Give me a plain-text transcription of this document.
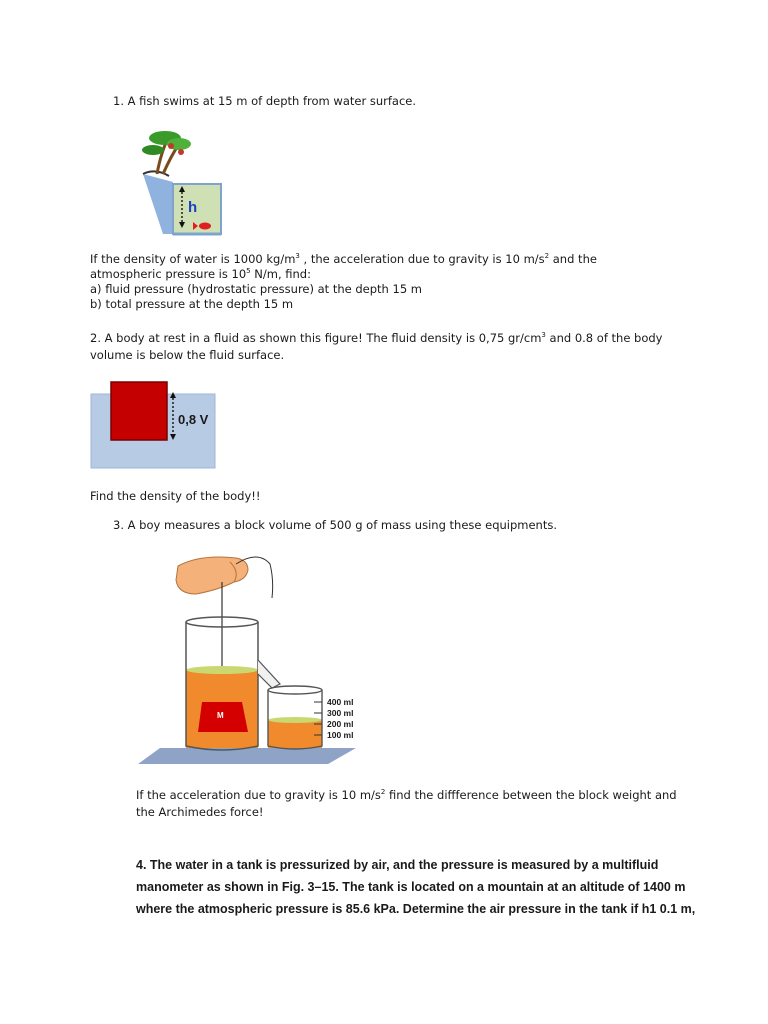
1. A fish swims at 15 m of depth from water surface.
h
If the density of water is 1000 $kg/m^3$ , the acceleration due to gravity is 10 $m/s^2$ and the
atmospheric pressure is $10^5$ N/m, find:
a) fluid pressure (hydrostatic pressure) at the depth 15 m
b) total pressure at the depth 15 m
2. A body at rest in a fluid as shown this figure! The fluid density is 0,75 $gr/cm^3$ and 0.8 of the body
volume is below the fluid surface.
0,8 V
Find the density of the body!!
3. A boy measures a block volume of 500 g of mass using these equipments.
M
400 ml
300 ml
200 ml
100 ml
If the acceleration due to gravity is 10 $m/s^2$ find the diffference between the block weight and
the Archimedes force!
4. The water in a tank is pressurized by air, and the pressure is measured by a multifluid
manometer as shown in Fig. 3–15. The tank is located on a mountain at an altitude of 1400 m
where the atmospheric pressure is 85.6 kPa. Determine the air pressure in the tank if h1 0.1 m,
